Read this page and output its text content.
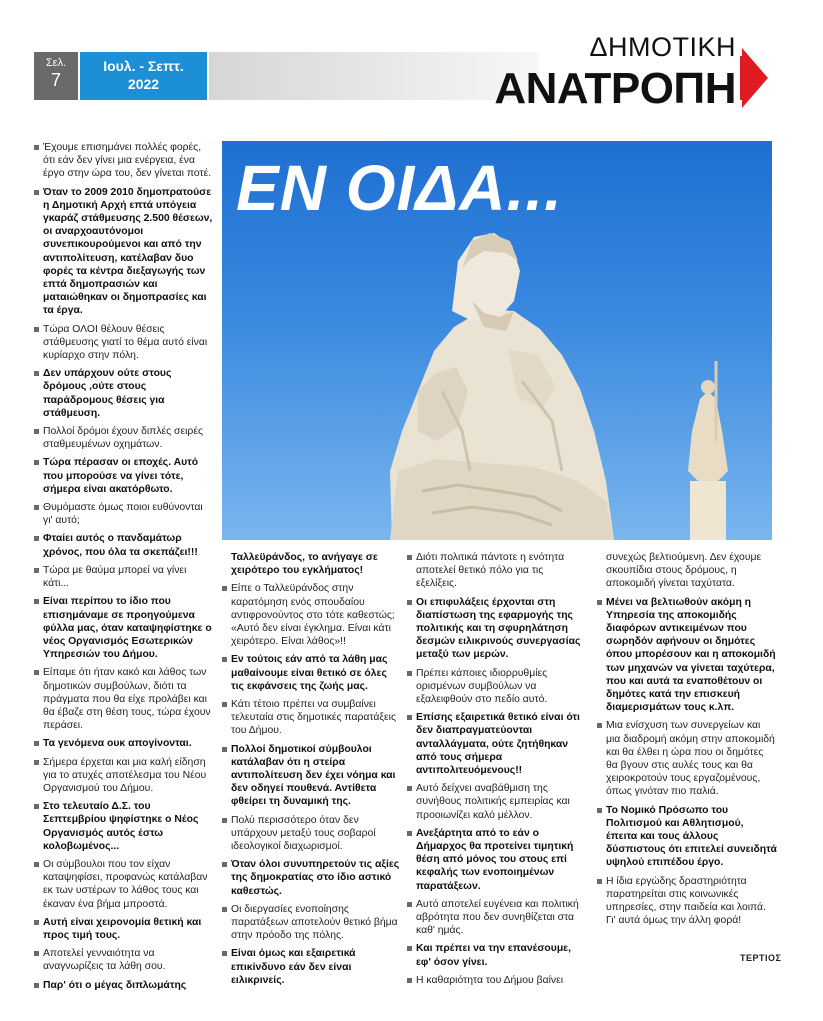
Σελ.
7
Ιουλ. - Σεπτ.
2022
ΔΗΜΟΤΙΚΗ
ΑΝΑΤΡΟΠΗ
ΕΝ ΟΙΔΑ...

Έχουμε επισημάνει πολλές φορές, ότι εάν δεν γίνει μια ενέργεια, ένα έργο στην ώρα του, δεν γίνεται ποτέ.

Όταν το 2009 2010 δημοπρατούσε η Δημοτική Αρχή επτά υπόγεια γκαράζ στάθμευσης 2.500 θέσεων, οι αναρχοαυτόνομοι συνεπικουρούμενοι και από την αντιπολίτευση, κατέλαβαν δυο φορές τα κέντρα διεξαγωγής των επτά δημοπρασιών και ματαιώθηκαν οι δημοπρασίες και τα έργα.

Τώρα ΟΛΟΙ θέλουν θέσεις στάθμευσης γιατί το θέμα αυτό είναι κυρίαρχο στην πόλη.

Δεν υπάρχουν ούτε στους δρόμους ,ούτε στους παράδρομους θέσεις για στάθμευση.

Πολλοί δρόμοι έχουν διπλές σειρές σταθμευμένων οχημάτων.

Τώρα πέρασαν οι εποχές. Αυτό που μπορούσε να γίνει τότε, σήμερα είναι ακατόρθωτο.

Θυμόμαστε όμως ποιοι ευθύνονται γι' αυτό;

Φταίει αυτός ο πανδαμάτωρ χρόνος, που όλα τα σκεπάζει!!!

Τώρα με θαύμα μπορεί να γίνει κάτι...

Είναι περίπου το ίδιο που επισημάναμε σε προηγούμενα φύλλα μας, όταν καταψηφίστηκε ο νέος Οργανισμός Εσωτερικών Υπηρεσιών του Δήμου.

Είπαμε ότι ήταν κακό και λάθος των δημοτικών συμβούλων, διότι τα πράγματα που θα είχε προλάβει και θα έβαζε στη θέση τους, τώρα έχουν περάσει.

Τα γενόμενα ουκ απογίνονται.

Σήμερα έρχεται και μια καλή είδηση για το ατυχές αποτέλεσμα του Νέου Οργανισμού του Δήμου.

Στο τελευταίο Δ.Σ. του Σεπτεμβρίου ψηφίστηκε ο Νέος Οργανισμός αυτός έστω κολοβωμένος...

Οι σύμβουλοι που τον είχαν καταψηφίσει, προφανώς κατάλαβαν εκ των υστέρων το λάθος τους και έκαναν ένα βήμα μπροστά.

Αυτή είναι χειρονομία θετική και προς τιμή τους.

Αποτελεί γενναιότητα να αναγνωρίζεις τα λάθη σου.

Παρ' ότι ο μέγας διπλωμάτης

Ταλλεϋράνδος, το ανήγαγε σε χειρότερο του εγκλήματος!

Είπε ο Ταλλεϋράνδος στην καρατόμηση ενός σπουδαίου αντιφρονούντος στο τότε καθεστώς; «Αυτό δεν είναι έγκλημα. Είναι κάτι χειρότερο. Είναι λάθος»!!

Εν τούτοις εάν από τα λάθη μας μαθαίνουμε είναι θετικό σε όλες τις εκφάνσεις της ζωής μας.

Κάτι τέτοιο πρέπει να συμβαίνει τελευταία στις δημοτικές παρατάξεις του Δήμου.

Πολλοί δημοτικοί σύμβουλοι κατάλαβαν ότι η στείρα αντιπολίτευση δεν έχει νόημα και δεν οδηγεί πουθενά. Αντίθετα φθείρει τη δυναμική της.

Πολύ περισσότερο όταν δεν υπάρχουν μεταξύ τους σοβαροί ιδεολογικοί διαχωρισμοί.

Όταν όλοι συνυπηρετούν τις αξίες της δημοκρατίας στο ίδιο αστικό καθεστώς.

Οι διεργασίες ενοποίησης παρατάξεων αποτελούν θετικό βήμα στην πρόοδο της πόλης.

Είναι όμως και εξαιρετικά επικίνδυνο εάν δεν είναι ειλικρινείς.

Διότι πολιτικά πάντοτε η ενότητα αποτελεί θετικό πόλο για τις εξελίξεις.

Οι επιφυλάξεις έρχονται στη διαπίστωση της εφαρμογής της πολιτικής και τη σφυρηλάτηση δεσμών ειλικρινούς συνεργασίας μεταξύ των μερών.

Πρέπει κάποιες ιδιορρυθμίες ορισμένων συμβούλων να εξαλειφθούν στο πεδίο αυτό.

Επίσης εξαιρετικά θετικό είναι ότι δεν διαπραγματεύονται ανταλλάγματα, ούτε ζητήθηκαν από τους σήμερα αντιπολιτευόμενους!!

Αυτό δείχνει αναβάθμιση της συνήθους πολιτικής εμπειρίας και προοιωνίζει καλό μέλλον.

Ανεξάρτητα από το εάν ο Δήμαρχος θα προτείνει τιμητική θέση από μόνος του στους επί κεφαλής των ενοποιημένων παρατάξεων.

Αυτό αποτελεί ευγένεια και πολιτική αβρότητα που δεν συνηθίζεται στα καθ' ημάς.

Και πρέπει να την επανέσουμε, εφ' όσον γίνει.

Η καθαριότητα του Δήμου βαίνει

συνεχώς βελτιούμενη. Δεν έχουμε σκουπίδια στους δρόμους, η αποκομιδή γίνεται ταχύτατα.

Μένει να βελτιωθούν ακόμη η Υπηρεσία της αποκομιδής διαφόρων αντικειμένων που σωρηδόν αφήνουν οι δημότες όπου μπορέσουν και η αποκομιδή των μηχανών να γίνεται ταχύτερα, που και αυτά τα εναποθέτουν οι δημότες κατά την επισκευή διαμερισμάτων τους κ.λπ.

Μια ενίσχυση των συνεργείων και μια διαδρομή ακόμη στην αποκομιδή και θα έλθει η ώρα που οι δημότες θα βγουν στις αυλές τους και θα χειροκροτούν τους εργαζομένους, όπως γινόταν πιο παλιά.

Το Νομικό Πρόσωπο του Πολιτισμού και Αθλητισμού, έπειτα και τους άλλους δύσπιστους ότι επιτελεί συνειδητά υψηλού επιπέδου έργο.

Η ίδια εργώδης δραστηριότητα παρατηρείται στις κοινωνικές υπηρεσίες, στην παιδεία και λοιπά. Γι' αυτά όμως την άλλη φορά!

ΤΕΡΤΙΟΣ
